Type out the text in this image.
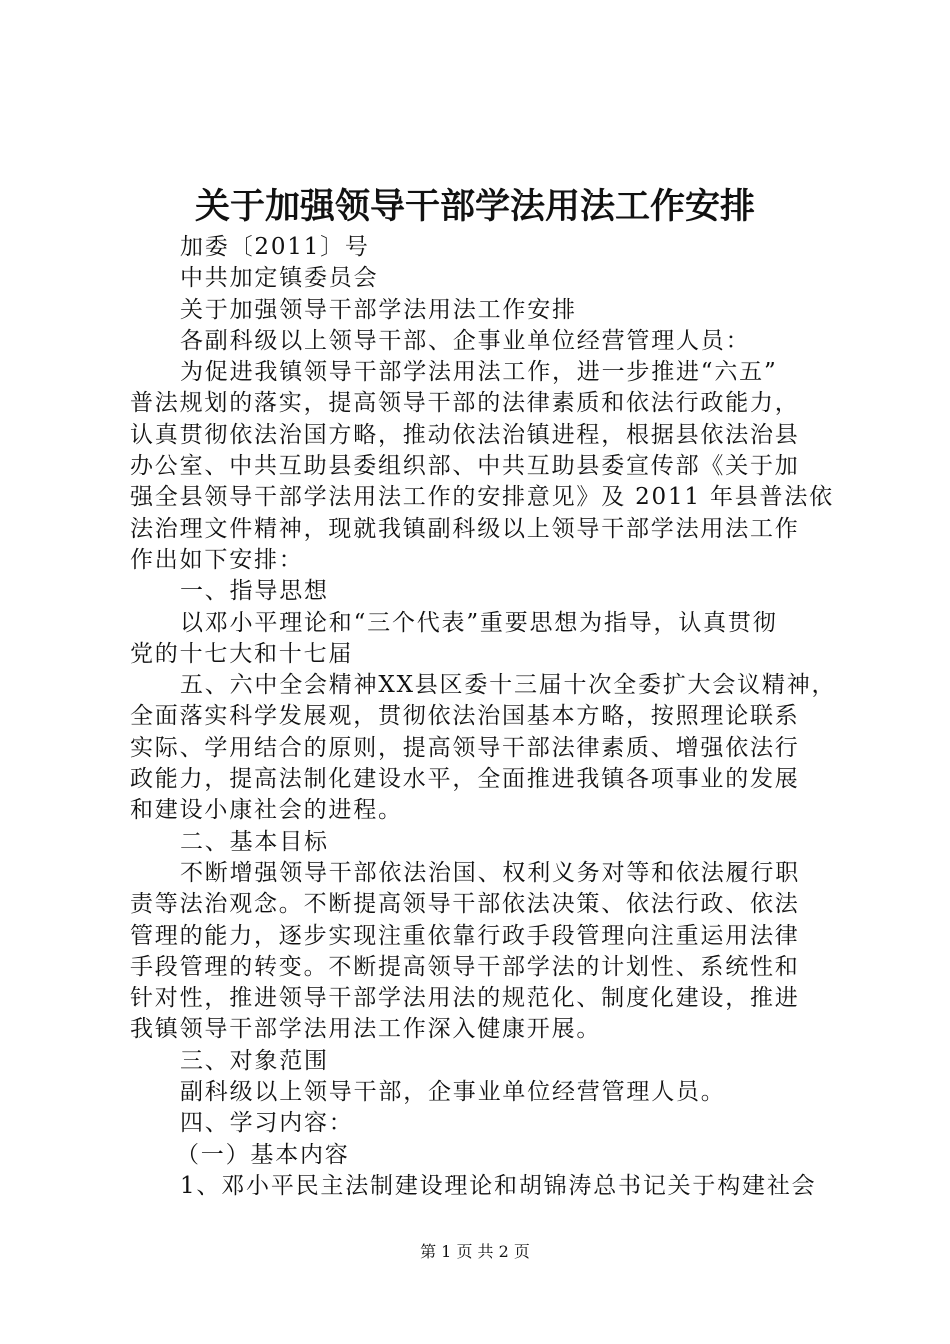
关于加强领导干部学法用法工作安排
加委〔2011〕号
中共加定镇委员会
关于加强领导干部学法用法工作安排
各副科级以上领导干部、企事业单位经营管理人员：
为促进我镇领导干部学法用法工作，进一步推进“六五”
普法规划的落实，提高领导干部的法律素质和依法行政能力，
认真贯彻依法治国方略，推动依法治镇进程，根据县依法治县
办公室、中共互助县委组织部、中共互助县委宣传部《关于加
强全县领导干部学法用法工作的安排意见》及 2011 年县普法依
法治理文件精神，现就我镇副科级以上领导干部学法用法工作
作出如下安排：
一、指导思想
以邓小平理论和“三个代表”重要思想为指导，认真贯彻
党的十七大和十七届
五、六中全会精神XX县区委十三届十次全委扩大会议精神，
全面落实科学发展观，贯彻依法治国基本方略，按照理论联系
实际、学用结合的原则，提高领导干部法律素质、增强依法行
政能力，提高法制化建设水平，全面推进我镇各项事业的发展
和建设小康社会的进程。
二、基本目标
不断增强领导干部依法治国、权利义务对等和依法履行职
责等法治观念。不断提高领导干部依法决策、依法行政、依法
管理的能力，逐步实现注重依靠行政手段管理向注重运用法律
手段管理的转变。不断提高领导干部学法的计划性、系统性和
针对性，推进领导干部学法用法的规范化、制度化建设，推进
我镇领导干部学法用法工作深入健康开展。
三、对象范围
副科级以上领导干部，企事业单位经营管理人员。
四、学习内容：
（一）基本内容
1、邓小平民主法制建设理论和胡锦涛总书记关于构建社会
第 1 页 共 2 页
